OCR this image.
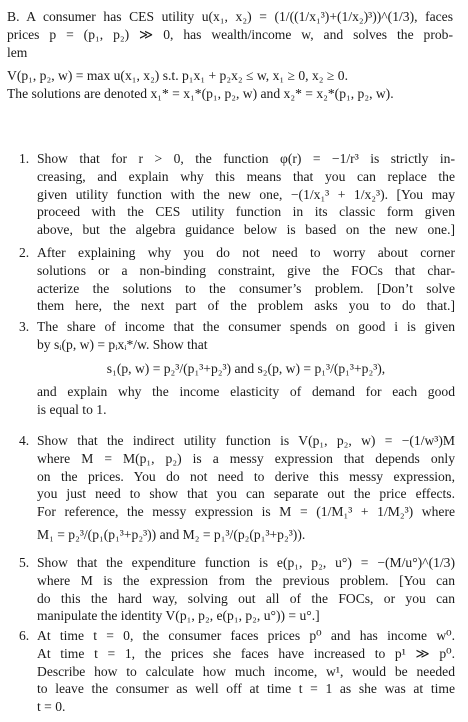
B. A consumer has CES utility u(x₁, x₂) = (1/((1/x₁³)+(1/x₂)³))^(1/3), faces
prices p = (p₁, p₂) ≫ 0, has wealth/income w, and solves the prob-
lem
V(p₁, p₂, w) = max u(x₁, x₂) s.t. p₁x₁ + p₂x₂ ≤ w, x₁ ≥ 0, x₂ ≥ 0.
The solutions are denoted x₁* = x₁*(p₁, p₂, w) and x₂* = x₂*(p₁, p₂, w).
1. Show that for r > 0, the function φ(r) = −1/r³ is strictly in-
creasing, and explain why this means that you can replace the
given utility function with the new one, −(1/x₁³ + 1/x₂³). [You may
proceed with the CES utility function in its classic form given
above, but the algebra guidance below is based on the new one.]
2. After explaining why you do not need to worry about corner
solutions or a non-binding constraint, give the FOCs that char-
acterize the solutions to the consumer’s problem. [Don’t solve
them here, the next part of the problem asks you to do that.]
3. The share of income that the consumer spends on good i is given
by sᵢ(p, w) = pᵢxᵢ*/w. Show that
s₁(p, w) = p₂³/(p₁³+p₂³) and s₂(p, w) = p₁³/(p₁³+p₂³),
and explain why the income elasticity of demand for each good
is equal to 1.
4. Show that the indirect utility function is V(p₁, p₂, w) = −(1/w³)M
where M = M(p₁, p₂) is a messy expression that depends only
on the prices. You do not need to derive this messy expression,
you just need to show that you can separate out the price effects.
For reference, the messy expression is M = (1/M₁³ + 1/M₂³) where
M₁ = p₂³/(p₁(p₁³+p₂³)) and M₂ = p₁³/(p₂(p₁³+p₂³)).
5. Show that the expenditure function is e(p₁, p₂, u°) = −(M/u°)^(1/3)
where M is the expression from the previous problem. [You can
do this the hard way, solving out all of the FOCs, or you can
manipulate the identity V(p₁, p₂, e(p₁, p₂, u°)) = u°.]
6. At time t = 0, the consumer faces prices p⁰ and has income w⁰.
At time t = 1, the prices she faces have increased to p¹ ≫ p⁰.
Describe how to calculate how much income, w¹, would be needed
to leave the consumer as well off at time t = 1 as she was at time
t = 0.
